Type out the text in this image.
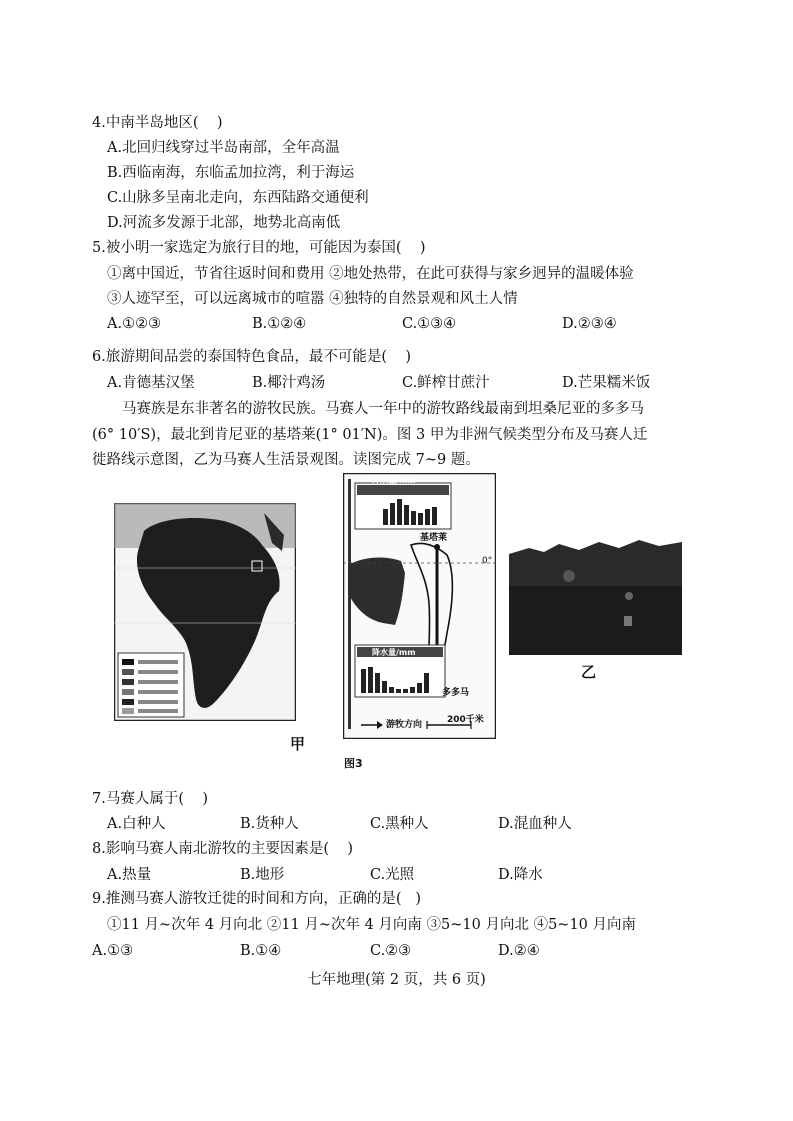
4.中南半岛地区(    )
A.北回归线穿过半岛南部，全年高温
B.西临南海，东临孟加拉湾，利于海运
C.山脉多呈南北走向，东西陆路交通便利
D.河流多发源于北部，地势北高南低
5.被小明一家选定为旅行目的地，可能因为泰国(    )
①离中国近，节省往返时间和费用 ②地处热带，在此可获得与家乡迥异的温暖体验
③人迹罕至，可以远离城市的喧嚣 ④独特的自然景观和风土人情
A.①②③	B.①②④	C.①③④	D.②③④
6.旅游期间品尝的泰国特色食品，最不可能是(    )
A.肯德基汉堡	B.椰汁鸡汤	C.鲜榨甘蔗汁	D.芒果糯米饭
马赛族是东非著名的游牧民族。马赛人一年中的游牧路线最南到坦桑尼亚的多多马
(6° 10′S)，最北到肯尼亚的基塔莱(1° 01′N)。图 3 甲为非洲气候类型分布及马赛人迁
徙路线示意图，乙为马赛人生活景观图。读图完成 7~9 题。
甲
降水量/mm
降水量/mm
基塔莱
多多马
0°
游牧方向	200千米
图3
乙
7.马赛人属于(    )
A.白种人	B.货种人	C.黑种人	D.混血种人
8.影响马赛人南北游牧的主要因素是(    )
A.热量	B.地形	C.光照	D.降水
9.推测马赛人游牧迁徙的时间和方向，正确的是(   )
①11 月~次年 4 月向北 ②11 月~次年 4 月向南 ③5~10 月向北 ④5~10 月向南
A.①③	B.①④	C.②③	D.②④
七年地理(第 2 页，共 6 页)
